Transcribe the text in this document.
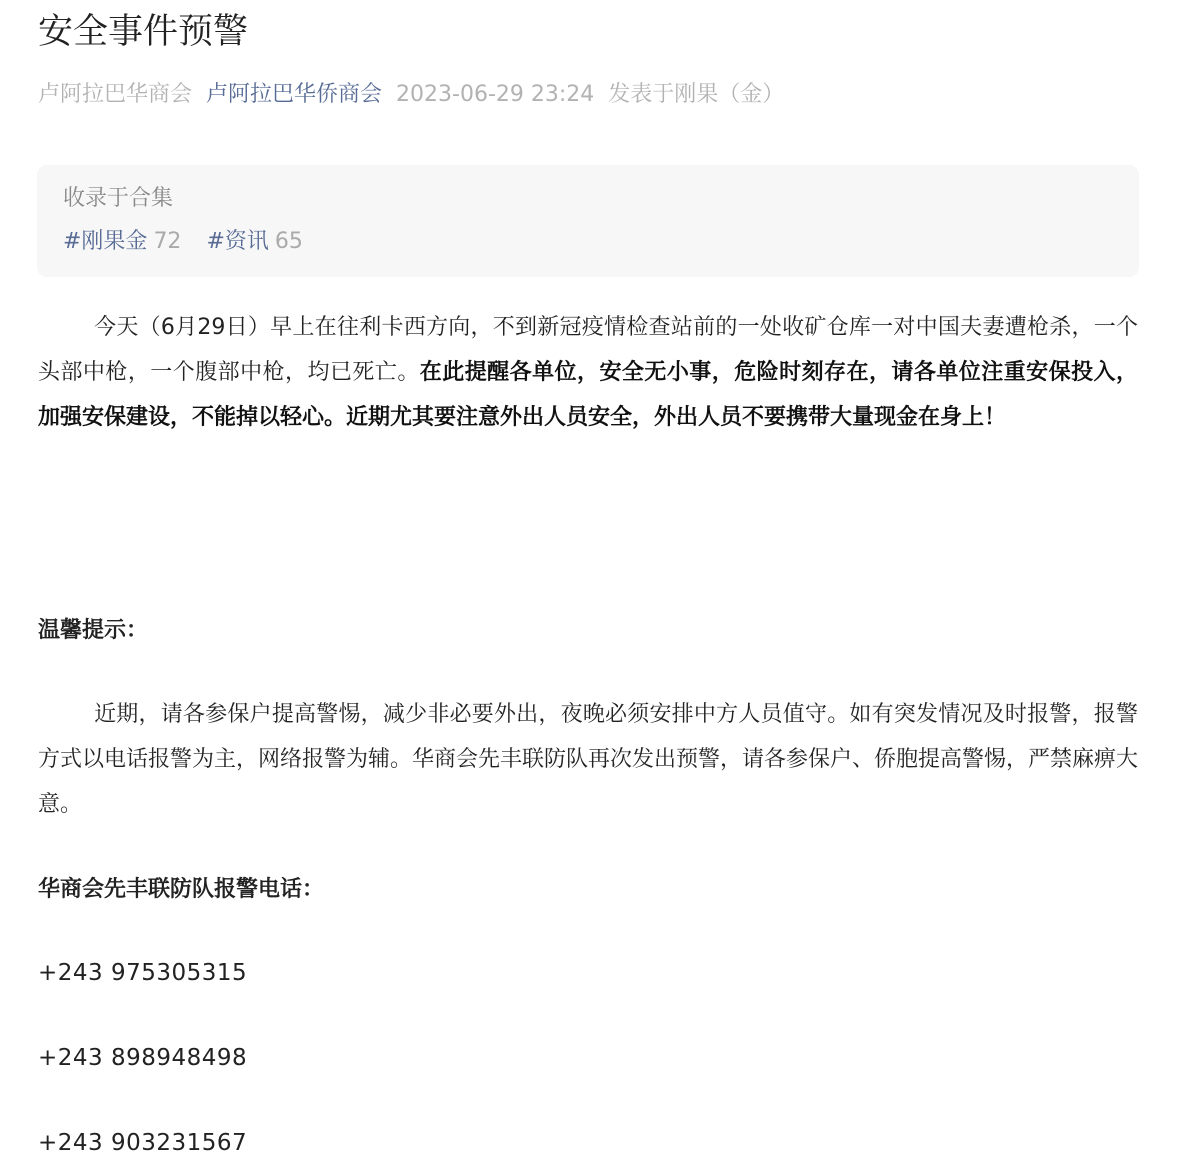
安全事件预警
卢阿拉巴华商会 卢阿拉巴华侨商会 2023-06-29 23:24 发表于刚果（金）
收录于合集
#刚果金 72 #资讯 65

今天（6月29日）早上在往利卡西方向，不到新冠疫情检查站前的一处收矿仓库一对中国夫妻遭枪杀，一个头部中枪，一个腹部中枪，均已死亡。在此提醒各单位，安全无小事，危险时刻存在，请各单位注重安保投入，加强安保建设，不能掉以轻心。近期尤其要注意外出人员安全，外出人员不要携带大量现金在身上！

温馨提示：

近期，请各参保户提高警惕，减少非必要外出，夜晚必须安排中方人员值守。如有突发情况及时报警，报警方式以电话报警为主，网络报警为辅。华商会先丰联防队再次发出预警，请各参保户、侨胞提高警惕，严禁麻痹大意。

华商会先丰联防队报警电话：

+243 975305315

+243 898948498

+243 903231567
